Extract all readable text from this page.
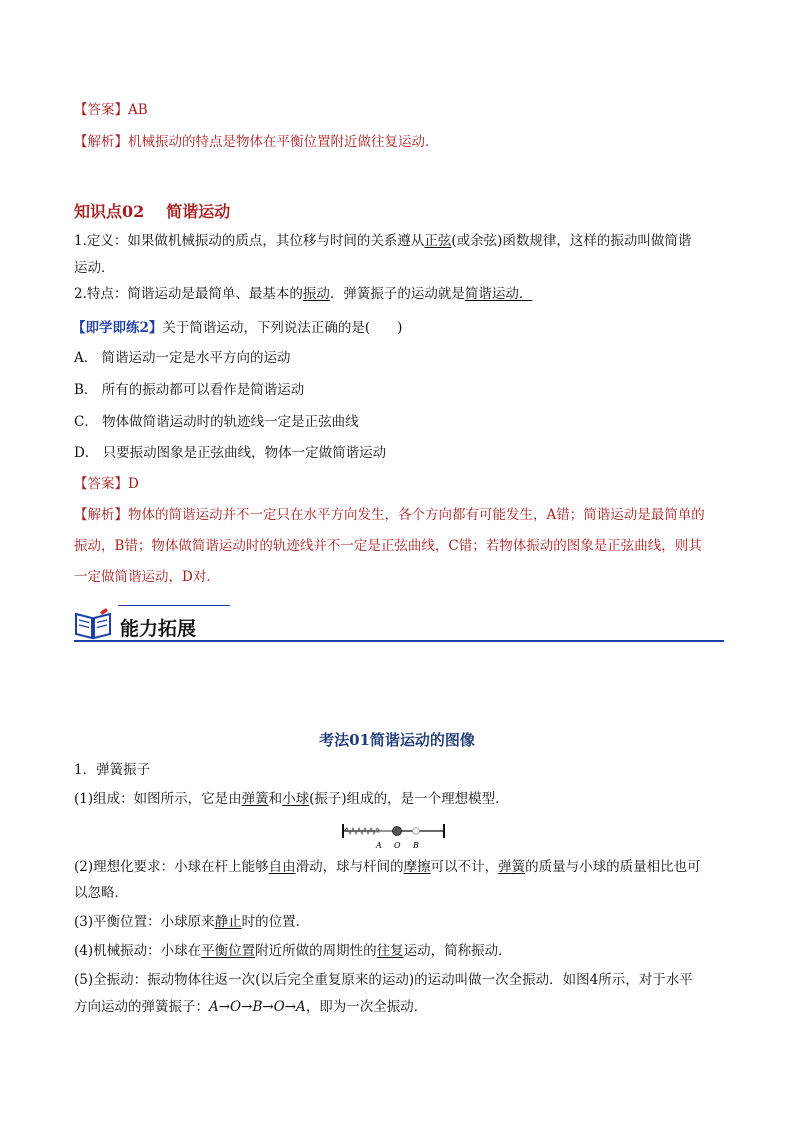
【答案】AB
【解析】机械振动的特点是物体在平衡位置附近做往复运动．
知识点02 简谐运动
1.定义：如果做机械振动的质点，其位移与时间的关系遵从正弦(或余弦)函数规律，这样的振动叫做简谐
运动．
2.特点：简谐运动是最简单、最基本的振动．弹簧振子的运动就是简谐运动．
【即学即练2】关于简谐运动，下列说法正确的是(　　)
A． 简谐运动一定是水平方向的运动
B． 所有的振动都可以看作是简谐运动
C． 物体做简谐运动时的轨迹线一定是正弦曲线
D． 只要振动图象是正弦曲线，物体一定做简谐运动
【答案】D
【解析】物体的简谐运动并不一定只在水平方向发生，各个方向都有可能发生，A错；简谐运动是最简单的
振动，B错；物体做简谐运动时的轨迹线并不一定是正弦曲线，C错；若物体振动的图象是正弦曲线，则其
一定做简谐运动，D对．
能力拓展
考法01简谐运动的图像
1．弹簧振子
(1)组成：如图所示，它是由弹簧和小球(振子)组成的，是一个理想模型．
A O B
(2)理想化要求：小球在杆上能够自由滑动，球与杆间的摩擦可以不计，弹簧的质量与小球的质量相比也可
以忽略．
(3)平衡位置：小球原来静止时的位置．
(4)机械振动：小球在平衡位置附近所做的周期性的往复运动，简称振动．
(5)全振动：振动物体往返一次(以后完全重复原来的运动)的运动叫做一次全振动．如图4所示，对于水平
方向运动的弹簧振子：A→O→B→O→A，即为一次全振动．
